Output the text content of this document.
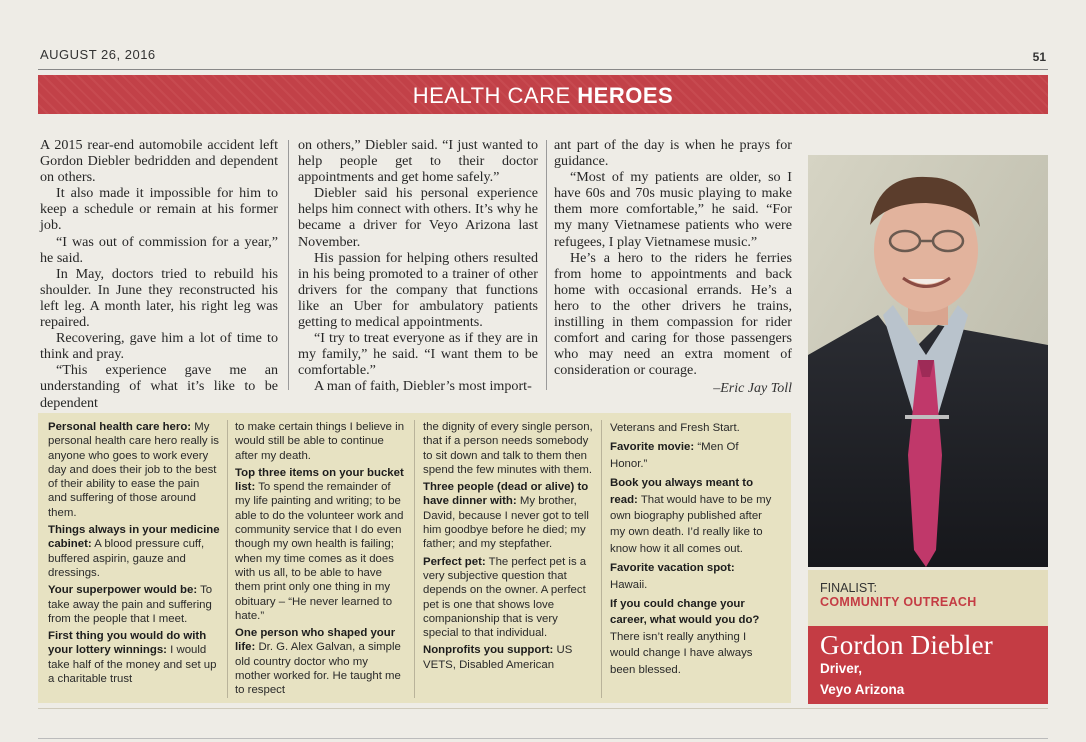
AUGUST 26, 2016	51
HEALTH CARE HEROES

A 2015 rear-end automobile accident left Gordon Diebler bedridden and dependent on others.

It also made it impossible for him to keep a schedule or remain at his former job.

“I was out of commission for a year,” he said.

In May, doctors tried to rebuild his shoulder. In June they reconstructed his left leg. A month later, his right leg was repaired.

Recovering, gave him a lot of time to think and pray.

“This experience gave me an understanding of what it’s like to be dependent

on others,” Diebler said. “I just wanted to help people get to their doctor appointments and get home safely.”

Diebler said his personal experience helps him connect with others. It’s why he became a driver for Veyo Arizona last November.

His passion for helping others resulted in his being promoted to a trainer of other drivers for the company that functions like an Uber for ambulatory patients getting to medical appointments.

“I try to treat everyone as if they are in my family,” he said. “I want them to be comfortable.”

A man of faith, Diebler’s most import-

ant part of the day is when he prays for guidance.

“Most of my patients are older, so I have 60s and 70s music playing to make them more comfortable,” he said. “For my many Vietnamese patients who were refugees, I play Vietnamese music.”

He’s a hero to the riders he ferries from home to appointments and back home with occasional errands. He’s a hero to the other drivers he trains, instilling in them compassion for rider comfort and caring for those passengers who may need an extra moment of consideration or courage.

–Eric Jay Toll

Personal health care hero: My personal health care hero really is anyone who goes to work every day and does their job to the best of their ability to ease the pain and suffering of those around them.

Things always in your medicine cabinet: A blood pressure cuff, buffered aspirin, gauze and dressings.

Your superpower would be: To take away the pain and suffering from the people that I meet.

First thing you would do with your lottery winnings: I would take half of the money and set up a charitable trust

to make certain things I believe in would still be able to continue after my death.

Top three items on your bucket list: To spend the remainder of my life painting and writing; to be able to do the volunteer work and community service that I do even though my own health is failing; when my time comes as it does with us all, to be able to have them print only one thing in my obituary – “He never learned to hate.”

One person who shaped your life: Dr. G. Alex Galvan, a simple old country doctor who my mother worked for. He taught me to respect

the dignity of every single person, that if a person needs somebody to sit down and talk to them then spend the few minutes with them.

Three people (dead or alive) to have dinner with: My brother, David, because I never got to tell him goodbye before he died; my father; and my stepfather.

Perfect pet: The perfect pet is a very subjective question that depends on the owner. A perfect pet is one that shows love companionship that is very special to that individual.

Nonprofits you support: US VETS, Disabled American

Veterans and Fresh Start.

Favorite movie: “Men Of Honor.”

Book you always meant to read: That would have to be my own biography published after my own death. I’d really like to know how it all comes out.

Favorite vacation spot: Hawaii.

If you could change your career, what would you do? There isn’t really anything I would change I have always been blessed.

FINALIST:
COMMUNITY OUTREACH
Gordon Diebler
Driver,
Veyo Arizona
